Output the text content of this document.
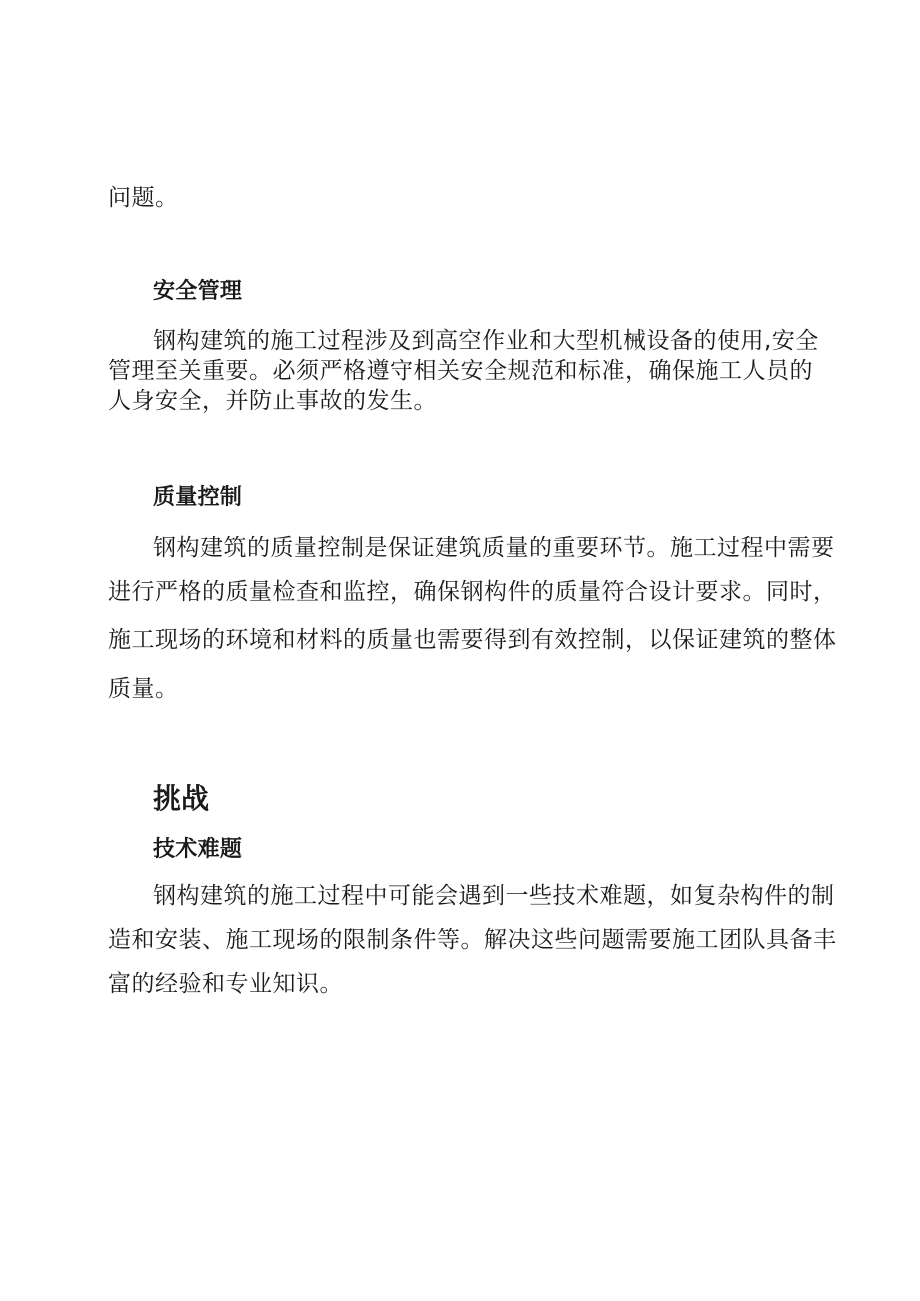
问题。
安全管理
钢构建筑的施工过程涉及到高空作业和大型机械设备的使用,安全
管理至关重要。必须严格遵守相关安全规范和标准，确保施工人员的
人身安全，并防止事故的发生。
质量控制
钢构建筑的质量控制是保证建筑质量的重要环节。施工过程中需要
进行严格的质量检查和监控，确保钢构件的质量符合设计要求。同时，
施工现场的环境和材料的质量也需要得到有效控制，以保证建筑的整体
质量。
挑战
技术难题
钢构建筑的施工过程中可能会遇到一些技术难题，如复杂构件的制
造和安装、施工现场的限制条件等。解决这些问题需要施工团队具备丰
富的经验和专业知识。
